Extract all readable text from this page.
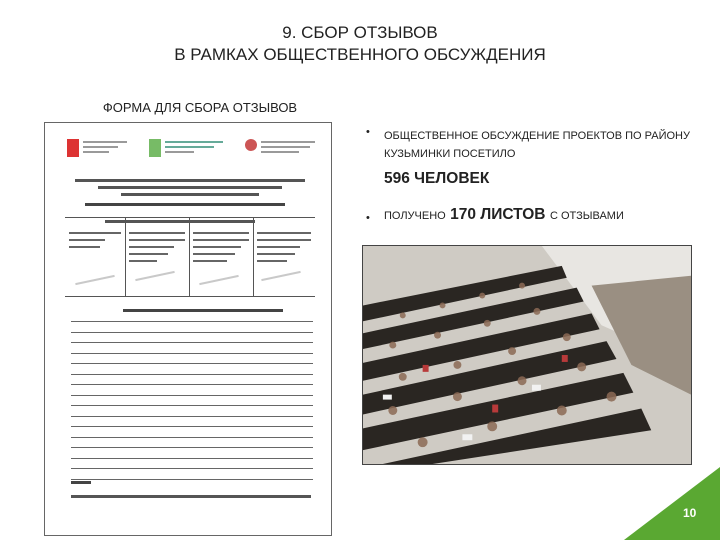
9. СБОР ОТЗЫВОВ
В РАМКАХ ОБЩЕСТВЕННОГО ОБСУЖДЕНИЯ
ФОРМА ДЛЯ СБОРА ОТЗЫВОВ
• ОБЩЕСТВЕННОЕ ОБСУЖДЕНИЕ ПРОЕКТОВ ПО РАЙОНУ КУЗЬМИНКИ ПОСЕТИЛО
596 ЧЕЛОВЕК
• ПОЛУЧЕНО 170 ЛИСТОВ С ОТЗЫВАМИ
10
